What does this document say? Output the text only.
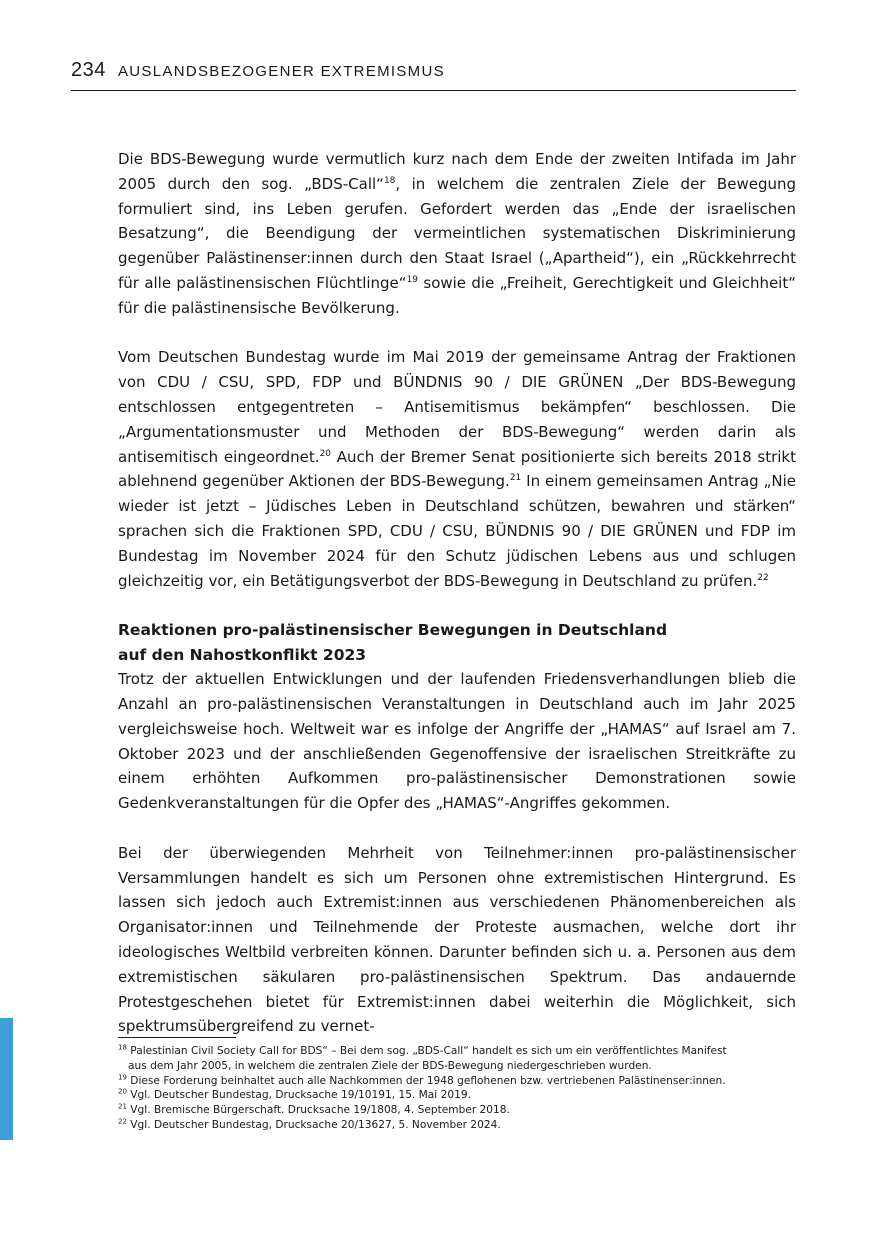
234 AUSLANDSBEZOGENER EXTREMISMUS

Die BDS-Bewegung wurde vermutlich kurz nach dem Ende der zweiten Intifada im Jahr 2005 durch den sog. „BDS-Call“$^{18}$, in welchem die zentralen Ziele der Bewegung formuliert sind, ins Leben gerufen. Gefordert werden das „Ende der israelischen Besatzung“, die Beendigung der vermeintlichen systematischen Diskriminierung gegenüber Palästinenser:innen durch den Staat Israel („Apartheid“), ein „Rückkehrrecht für alle palästinensischen Flüchtlinge“$^{19}$ sowie die „Freiheit, Gerechtigkeit und Gleichheit“ für die palästinensische Bevölkerung.

Vom Deutschen Bundestag wurde im Mai 2019 der gemeinsame Antrag der Fraktionen von CDU / CSU, SPD, FDP und BÜNDNIS 90 / DIE GRÜNEN „Der BDS-Bewegung entschlossen entgegentreten – Antisemitismus bekämpfen“ beschlossen. Die „Argumentationsmuster und Methoden der BDS-Bewegung“ werden darin als antisemitisch eingeordnet.$^{20}$ Auch der Bremer Senat positionierte sich bereits 2018 strikt ablehnend gegenüber Aktionen der BDS-Bewegung.$^{21}$ In einem gemeinsamen Antrag „Nie wieder ist jetzt – Jüdisches Leben in Deutschland schützen, bewahren und stärken“ sprachen sich die Fraktionen SPD, CDU / CSU, BÜNDNIS 90 / DIE GRÜNEN und FDP im Bundestag im November 2024 für den Schutz jüdischen Lebens aus und schlugen gleichzeitig vor, ein Betätigungsverbot der BDS-Bewegung in Deutschland zu prüfen.$^{22}$

Reaktionen pro-palästinensischer Bewegungen in Deutschland
auf den Nahostkonflikt 2023

Trotz der aktuellen Entwicklungen und der laufenden Friedensverhandlungen blieb die Anzahl an pro-palästinensischen Veranstaltungen in Deutschland auch im Jahr 2025 vergleichsweise hoch. Weltweit war es infolge der Angriffe der „HAMAS“ auf Israel am 7. Oktober 2023 und der anschließenden Gegenoffensive der israelischen Streitkräfte zu einem erhöhten Aufkommen pro-palästinensischer Demonstrationen sowie Gedenkveranstaltungen für die Opfer des „HAMAS“-Angriffes gekommen.

Bei der überwiegenden Mehrheit von Teilnehmer:innen pro-palästinensischer Versammlungen handelt es sich um Personen ohne extremistischen Hintergrund. Es lassen sich jedoch auch Extremist:innen aus verschiedenen Phänomenbereichen als Organisator:innen und Teilnehmende der Proteste ausmachen, welche dort ihr ideologisches Weltbild verbreiten können. Darunter befinden sich u. a. Personen aus dem extremistischen säkularen pro-palästinensischen Spektrum. Das andauernde Protestgeschehen bietet für Extremist:innen dabei weiterhin die Möglichkeit, sich spektrumsübergreifend zu vernet-

$^{18}$ Palestinian Civil Society Call for BDS“ – Bei dem sog. „BDS-Call“ handelt es sich um ein veröffentlichtes Manifest
aus dem Jahr 2005, in welchem die zentralen Ziele der BDS-Bewegung niedergeschrieben wurden.

$^{19}$ Diese Forderung beinhaltet auch alle Nachkommen der 1948 geflohenen bzw. vertriebenen Palästinenser:innen.

$^{20}$ Vgl. Deutscher Bundestag, Drucksache 19/10191, 15. Mai 2019.

$^{21}$ Vgl. Bremische Bürgerschaft. Drucksache 19/1808, 4. September 2018.

$^{22}$ Vgl. Deutscher Bundestag, Drucksache 20/13627, 5. November 2024.
